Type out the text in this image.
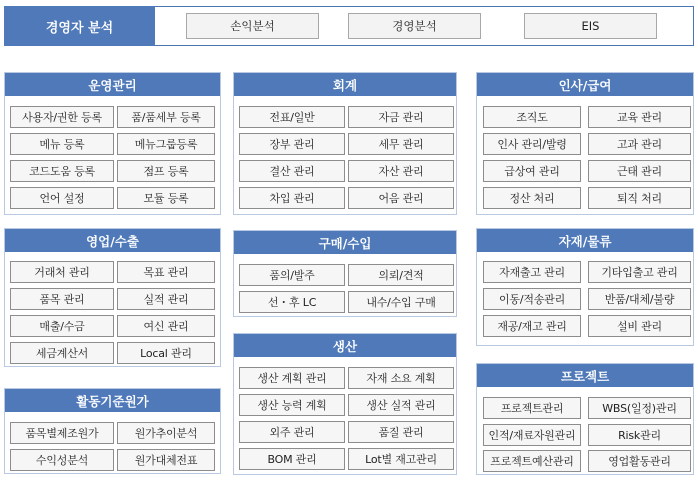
경영자 분석	손익분석	경영분석	EIS
운영관리
사용자/권한 등록	품/품세부 등록
메뉴 등록	메뉴그룹등록
코드도움 등록	점프 등록
언어 설정	모듈 등록
회계
전표/일반	자금 관리
장부 관리	세무 관리
결산 관리	자산 관리
차입 관리	어음 관리
인사/급여
조직도	교육 관리
인사 관리/발령	고과 관리
급상여 관리	근태 관리
정산 처리	퇴직 처리
영업/수출
거래처 관리	목표 관리
품목 관리	실적 관리
매출/수금	여신 관리
세금계산서	Local 관리
구매/수입
품의/발주	의뢰/견적
선・후 LC	내수/수입 구매
자재/물류
자재출고 관리	기타입출고 관리
이동/적송관리	반품/대체/불량
재공/재고 관리	설비 관리
생산
생산 계획 관리	자재 소요 계획
생산 능력 계획	생산 실적 관리
외주 관리	품질 관리
BOM 관리	Lot별 재고관리
활동기준원가
품목별제조원가	원가추이분석
수익성분석	원가대체전표
프로젝트
프로젝트관리	WBS(일정)관리
인적/재료자원관리	Risk관리
프로젝트예산관리	영업활동관리
